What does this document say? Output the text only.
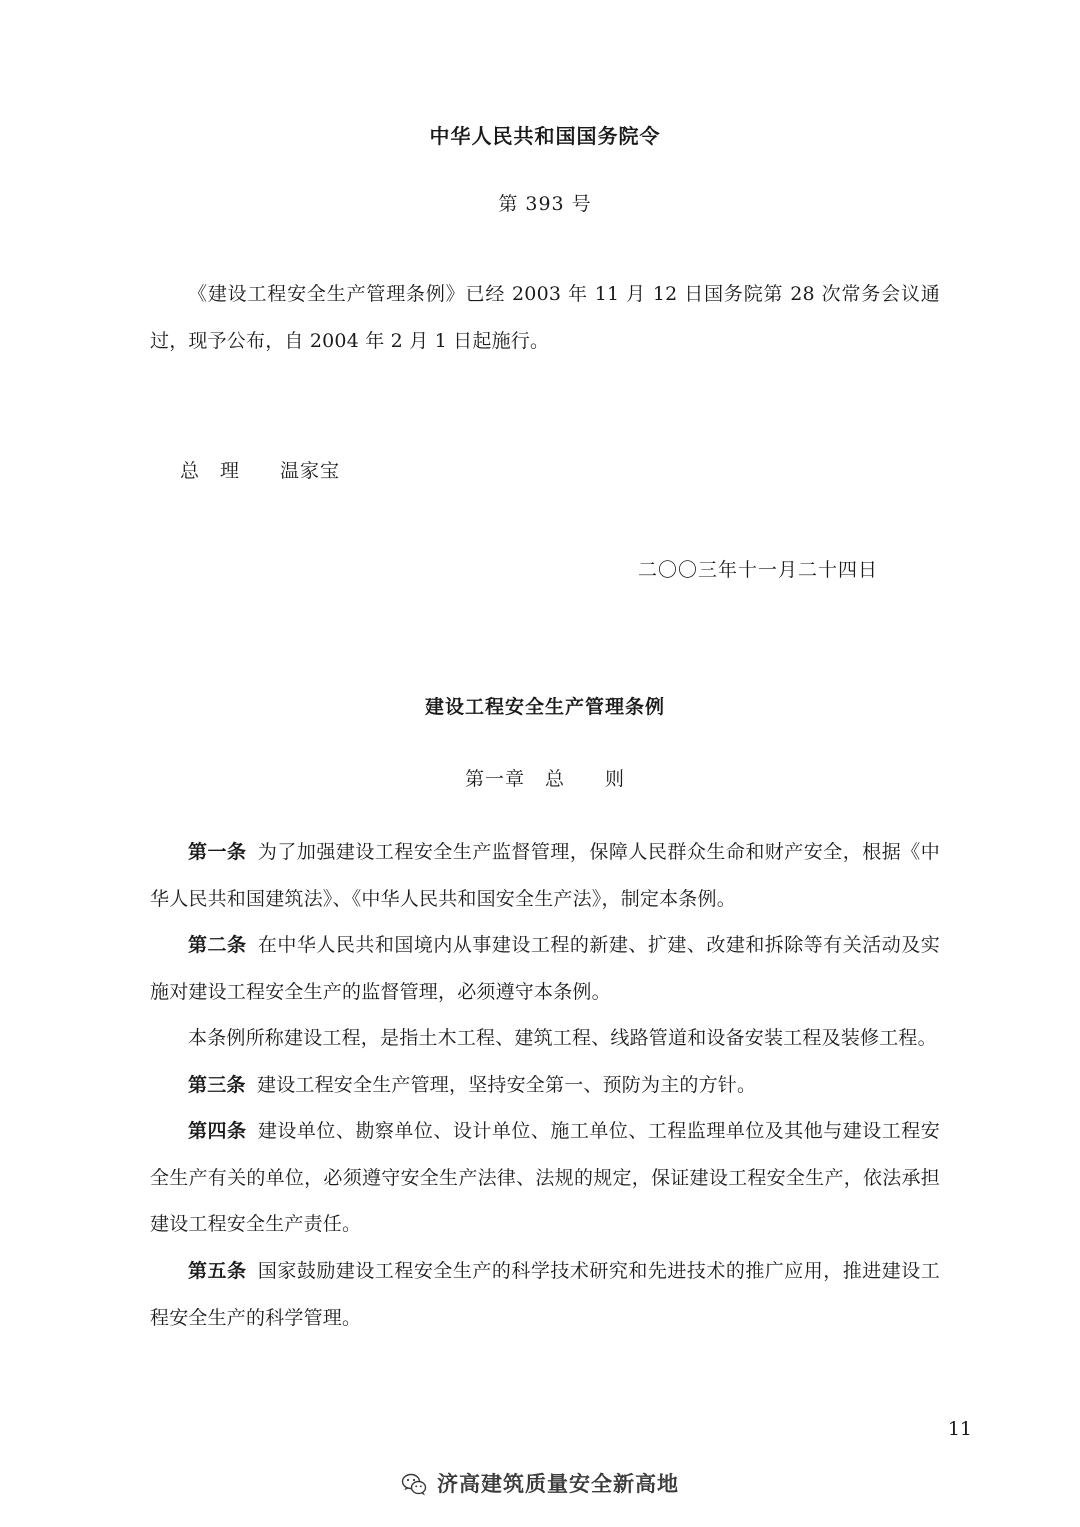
中华人民共和国国务院令
第 393 号

《建设工程安全生产管理条例》已经 2003 年 11 月 12 日国务院第 28 次常务会议通过，现予公布，自 2004 年 2 月 1 日起施行。

总　理　　温家宝
二〇〇三年十一月二十四日
建设工程安全生产管理条例
第一章　总　　则

第一条 为了加强建设工程安全生产监督管理，保障人民群众生命和财产安全，根据《中华人民共和国建筑法》、《中华人民共和国安全生产法》，制定本条例。

第二条 在中华人民共和国境内从事建设工程的新建、扩建、改建和拆除等有关活动及实施对建设工程安全生产的监督管理，必须遵守本条例。

本条例所称建设工程，是指土木工程、建筑工程、线路管道和设备安装工程及装修工程。

第三条 建设工程安全生产管理，坚持安全第一、预防为主的方针。

第四条 建设单位、勘察单位、设计单位、施工单位、工程监理单位及其他与建设工程安全生产有关的单位，必须遵守安全生产法律、法规的规定，保证建设工程安全生产，依法承担建设工程安全生产责任。

第五条 国家鼓励建设工程安全生产的科学技术研究和先进技术的推广应用，推进建设工程安全生产的科学管理。

11
济高建筑质量安全新高地
